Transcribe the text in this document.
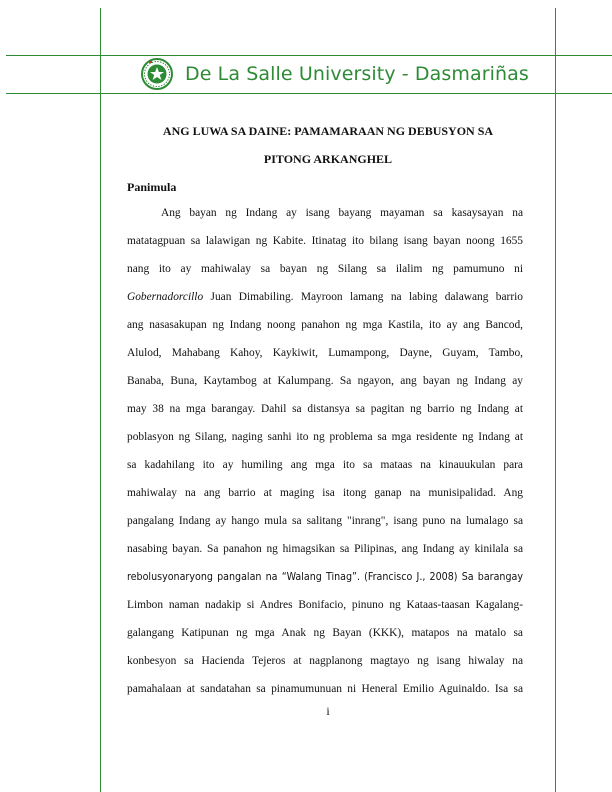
De La Salle University - Dasmariñas
ANG LUWA SA DAINE: PAMAMARAAN NG DEBUSYON SA
PITONG ARKANGHEL
Panimula
Ang bayan ng Indang ay isang bayang mayaman sa kasaysayan na
matatagpuan sa lalawigan ng Kabite. Itinatag ito bilang isang bayan noong 1655
nang ito ay mahiwalay sa bayan ng Silang sa ilalim ng pamumuno ni
Gobernadorcillo Juan Dimabiling. Mayroon lamang na labing dalawang barrio
ang nasasakupan ng Indang noong panahon ng mga Kastila, ito ay ang Bancod,
Alulod, Mahabang Kahoy, Kaykiwit, Lumampong, Dayne, Guyam, Tambo,
Banaba, Buna, Kaytambog at Kalumpang. Sa ngayon, ang bayan ng Indang ay
may 38 na mga barangay. Dahil sa distansya sa pagitan ng barrio ng Indang at
poblasyon ng Silang, naging sanhi ito ng problema sa mga residente ng Indang at
sa kadahilang ito ay humiling ang mga ito sa mataas na kinauukulan para
mahiwalay na ang barrio at maging isa itong ganap na munisipalidad. Ang
pangalang Indang ay hango mula sa salitang "inrang", isang puno na lumalago sa
nasabing bayan. Sa panahon ng himagsikan sa Pilipinas, ang Indang ay kinilala sa
rebolusyonaryong pangalan na “Walang Tinag”. (Francisco J., 2008) Sa barangay
Limbon naman nadakip si Andres Bonifacio, pinuno ng Kataas-taasan Kagalang-
galangang Katipunan ng mga Anak ng Bayan (KKK), matapos na matalo sa
konbesyon sa Hacienda Tejeros at nagplanong magtayo ng isang hiwalay na
pamahalaan at sandatahan sa pinamumunuan ni Heneral Emilio Aguinaldo. Isa sa
i
